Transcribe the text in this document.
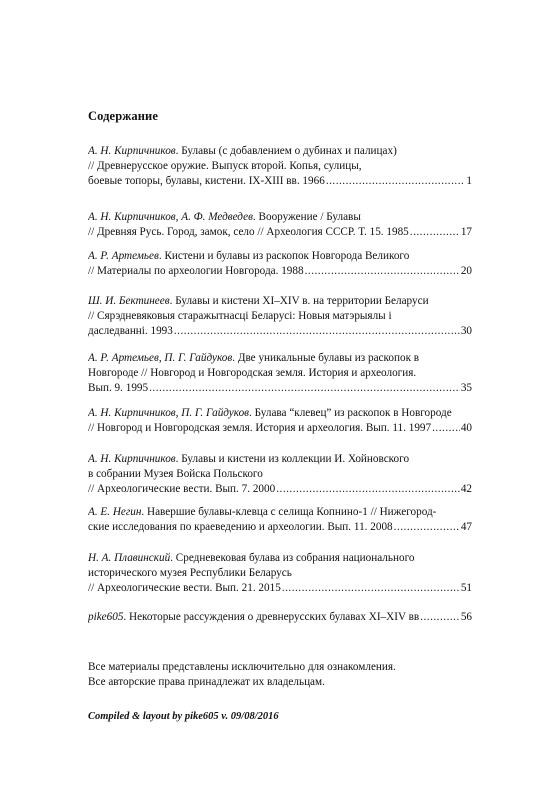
Содержание
А. Н. Кирпичников. Булавы (с добавлением о дубинах и палицах)
// Древнерусское оружие. Выпуск второй. Копья, сулицы,
боевые топоры, булавы, кистени. IX-XIII вв. 1966 .....	1
А. Н. Кирпичников, А. Ф. Медведев. Вооружение / Булавы
// Древняя Русь. Город, замок, село // Археология СССР. Т. 15. 1985 .....	17
А. Р. Артемьев. Кистени и булавы из раскопок Новгорода Великого
// Материалы по археологии Новгорода. 1988 .....	20
Ш. И. Бектинеев. Булавы и кистени XI–XIV в. на территории Беларуси
// Сярэдневяковыя старажытнасці Беларусі: Новыя матэрыялы і
даследванні. 1993 .....	30
А. Р. Артемьев, П. Г. Гайдуков. Две уникальные булавы из раскопок в
Новгороде // Новгород и Новгородская земля. История и археология.
Вып. 9. 1995 .....	35
А. Н. Кирпичников, П. Г. Гайдуков. Булава “клевец” из раскопок в Новгороде
// Новгород и Новгородская земля. История и археология. Вып. 11. 1997 .....	40
А. Н. Кирпичников. Булавы и кистени из коллекции И. Хойновского
в собрании Музея Войска Польского
// Археологические вести. Вып. 7. 2000 .....	42
А. Е. Негин. Навершие булавы-клевца с селища Копнино-1 // Нижегород-
ские исследования по краеведению и археологии. Вып. 11. 2008 .....	47
Н. А. Плавинский. Средневековая булава из собрания национального
исторического музея Республики Беларусь
// Археологические вести. Вып. 21. 2015 .....	51
pike605. Некоторые рассуждения о древнерусских булавах XI–XIV вв .....	56
Все материалы представлены исключительно для ознакомления.
Все авторские права принадлежат их владельцам.
Compiled & layout by pike605 v. 09/08/2016
